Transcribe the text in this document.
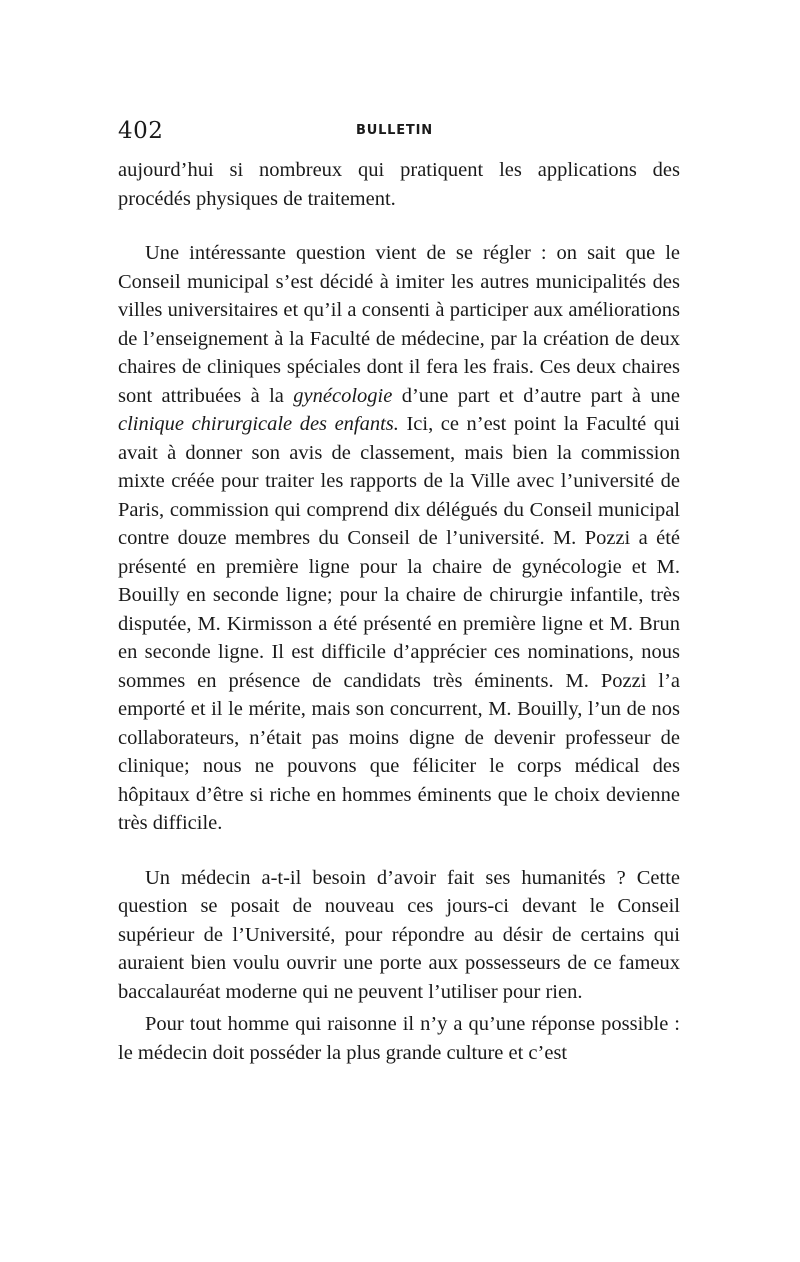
402	BULLETIN

aujourd’hui si nombreux qui pratiquent les applications des procédés physiques de traitement.

Une intéressante question vient de se régler : on sait que le Conseil municipal s’est décidé à imiter les autres municipalités des villes universitaires et qu’il a consenti à participer aux améliorations de l’enseignement à la Faculté de médecine, par la création de deux chaires de cliniques spéciales dont il fera les frais. Ces deux chaires sont attribuées à la gynécologie d’une part et d’autre part à une clinique chirurgicale des enfants. Ici, ce n’est point la Faculté qui avait à donner son avis de classement, mais bien la commission mixte créée pour traiter les rapports de la Ville avec l’université de Paris, commission qui comprend dix délégués du Conseil municipal contre douze membres du Conseil de l’université. M. Pozzi a été présenté en première ligne pour la chaire de gynécologie et M. Bouilly en seconde ligne; pour la chaire de chirurgie infantile, très disputée, M. Kirmisson a été présenté en première ligne et M. Brun en seconde ligne. Il est difficile d’apprécier ces nominations, nous sommes en présence de candidats très éminents. M. Pozzi l’a emporté et il le mérite, mais son concurrent, M. Bouilly, l’un de nos collaborateurs, n’était pas moins digne de devenir professeur de clinique; nous ne pouvons que féliciter le corps médical des hôpitaux d’être si riche en hommes éminents que le choix devienne très difficile.

Un médecin a-t-il besoin d’avoir fait ses humanités ? Cette question se posait de nouveau ces jours-ci devant le Conseil supérieur de l’Université, pour répondre au désir de certains qui auraient bien voulu ouvrir une porte aux possesseurs de ce fameux baccalauréat moderne qui ne peuvent l’utiliser pour rien.

Pour tout homme qui raisonne il n’y a qu’une réponse possible : le médecin doit posséder la plus grande culture et c’est
